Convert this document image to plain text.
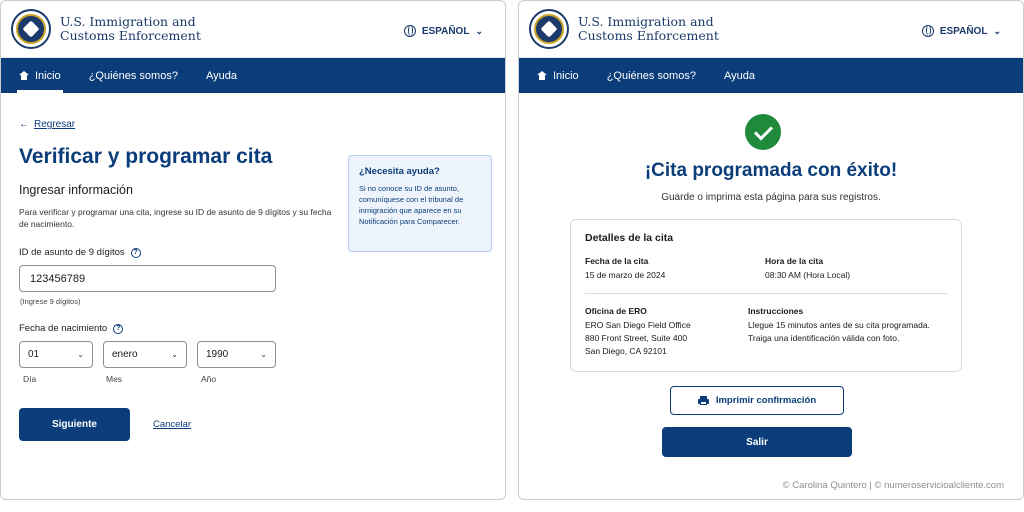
U.S. Immigration and
Customs Enforcement	ESPAÑOL ⌄
Inicio	¿Quiénes somos?	Ayuda
← Regresar
Verificar y programar cita
Ingresar información
Para verificar y programar una cita, ingrese su ID de asunto de 9 dígitos y su fecha de nacimiento.
ID de asunto de 9 dígitos	?
123456789
(Ingrese 9 dígitos)
Fecha de nacimiento	?
01	⌄	enero	⌄	1990	⌄
Día	Mes	Año
Siguiente	Cancelar
¿Necesita ayuda?
Si no conoce su ID de asunto, comuníquese con el tribunal de inmigración que aparece en su Notificación para Comparecer.
U.S. Immigration and
Customs Enforcement	ESPAÑOL ⌄
Inicio	¿Quiénes somos?	Ayuda
¡Cita programada con éxito!
Guarde o imprima esta página para sus registros.
Detalles de la cita
Fecha de la cita
15 de marzo de 2024
Hora de la cita
08:30 AM (Hora Local)
Oficina de ERO
ERO San Diego Field Office
880 Front Street, Suite 400
San Diego, CA 92101
Instrucciones
Llegue 15 minutos antes de su cita programada.
Traiga una identificación válida con foto.
Imprimir confirmación
Salir
© Carolina Quintero | © numeroservicioalcliente.com
